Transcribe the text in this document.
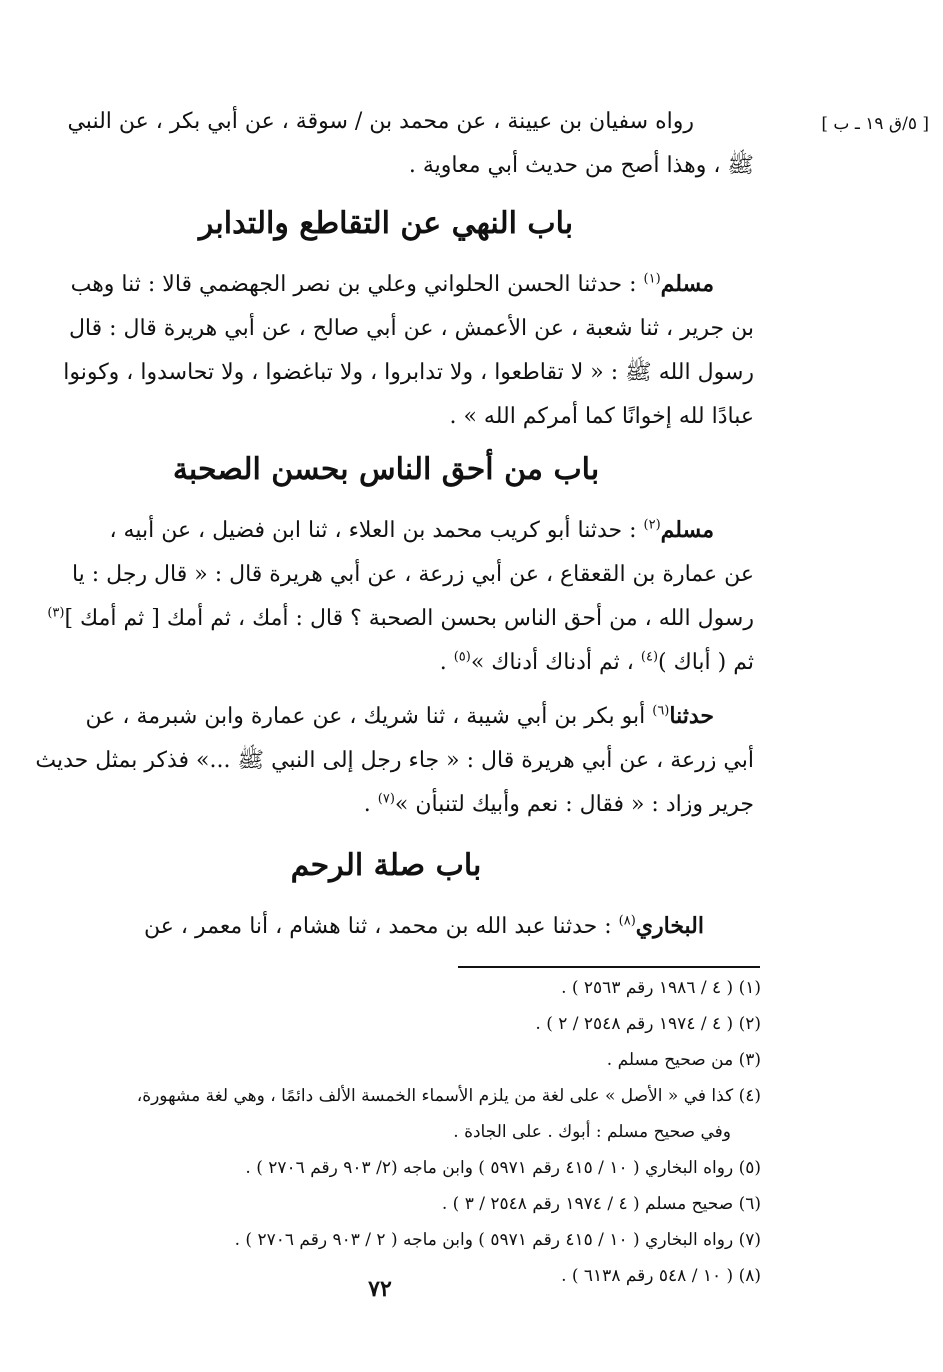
[ ٥/ق ١٩ ـ ب ]

رواه سفيان بن عيينة ، عن محمد بن / سوقة ، عن أبي بكر ، عن النبي

ﷺ ، وهذا أصح من حديث أبي معاوية .

باب النهي عن التقاطع والتدابر

مسلم$^{(١)}$ : حدثنا الحسن الحلواني وعلي بن نصر الجهضمي قالا : ثنا وهب

بن جرير ، ثنا شعبة ، عن الأعمش ، عن أبي صالح ، عن أبي هريرة قال : قال

رسول الله ﷺ : « لا تقاطعوا ، ولا تدابروا ، ولا تباغضوا ، ولا تحاسدوا ، وكونوا

عبادًا لله إخوانًا كما أمركم الله » .

باب من أحق الناس بحسن الصحبة

مسلم$^{(٢)}$ : حدثنا أبو كريب محمد بن العلاء ، ثنا ابن فضيل ، عن أبيه ،

عن عمارة بن القعقاع ، عن أبي زرعة ، عن أبي هريرة قال : « قال رجل : يا

رسول الله ، من أحق الناس بحسن الصحبة ؟ قال : أمك ، ثم أمك [ ثم أمك ]$^{(٣)}$

ثم ( أباك )$^{(٤)}$ ، ثم أدناك أدناك »$^{(٥)}$ .

حدثنا$^{(٦)}$ أبو بكر بن أبي شيبة ، ثنا شريك ، عن عمارة وابن شبرمة ، عن

أبي زرعة ، عن أبي هريرة قال : « جاء رجل إلى النبي ﷺ ...» فذكر بمثل حديث

جرير وزاد : « فقال : نعم وأبيك لتنبأن »$^{(٧)}$ .

باب صلة الرحم

البخاري$^{(٨)}$ : حدثنا عبد الله بن محمد ، ثنا هشام ، أنا معمر ، عن

(١) ( ٤ / ١٩٨٦ رقم ٢٥٦٣ ) .

(٢) ( ٤ / ١٩٧٤ رقم ٢٥٤٨ / ٢ ) .

(٣) من صحيح مسلم .

(٤) كذا في « الأصل » على لغة من يلزم الأسماء الخمسة الألف دائمًا ، وهي لغة مشهورة،

وفي صحيح مسلم : أبوك . على الجادة .

(٥) رواه البخاري ( ١٠ / ٤١٥ رقم ٥٩٧١ ) وابن ماجه (٢/ ٩٠٣ رقم ٢٧٠٦ ) .

(٦) صحيح مسلم ( ٤ / ١٩٧٤ رقم ٢٥٤٨ / ٣ ) .

(٧) رواه البخاري ( ١٠ / ٤١٥ رقم ٥٩٧١ ) وابن ماجه ( ٢ / ٩٠٣ رقم ٢٧٠٦ ) .

(٨) ( ١٠ / ٥٤٨ رقم ٦١٣٨ ) .

٧٢
